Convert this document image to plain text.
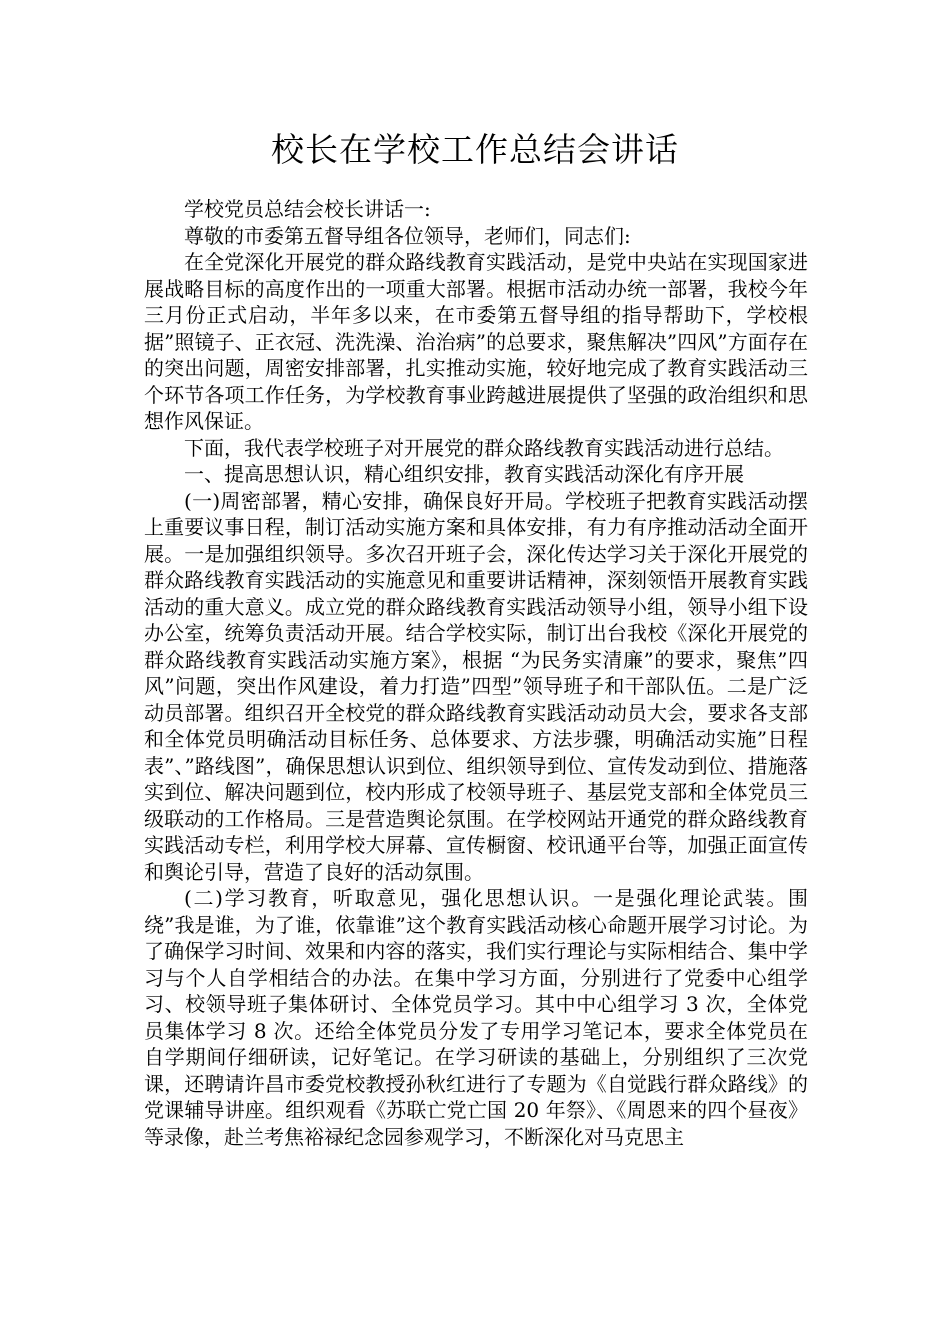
校长在学校工作总结会讲话

学校党员总结会校长讲话一:

尊敬的市委第五督导组各位领导，老师们，同志们:

在全党深化开展党的群众路线教育实践活动，是党中央站在实现国家进展战略目标的高度作出的一项重大部署。根据市活动办统一部署，我校今年三月份正式启动，半年多以来，在市委第五督导组的指导帮助下，学校根据”照镜子、正衣冠、洗洗澡、治治病”的总要求，聚焦解决”四风”方面存在的突出问题，周密安排部署，扎实推动实施，较好地完成了教育实践活动三个环节各项工作任务，为学校教育事业跨越进展提供了坚强的政治组织和思想作风保证。

下面，我代表学校班子对开展党的群众路线教育实践活动进行总结。

一、提高思想认识，精心组织安排，教育实践活动深化有序开展

(一)周密部署，精心安排，确保良好开局。学校班子把教育实践活动摆上重要议事日程，制订活动实施方案和具体安排，有力有序推动活动全面开展。一是加强组织领导。多次召开班子会，深化传达学习关于深化开展党的群众路线教育实践活动的实施意见和重要讲话精神，深刻领悟开展教育实践活动的重大意义。成立党的群众路线教育实践活动领导小组，领导小组下设办公室，统筹负责活动开展。结合学校实际，制订出台我校《深化开展党的群众路线教育实践活动实施方案》，根据 “为民务实清廉”的要求，聚焦”四风”问题，突出作风建设，着力打造”四型”领导班子和干部队伍。二是广泛动员部署。组织召开全校党的群众路线教育实践活动动员大会，要求各支部和全体党员明确活动目标任务、总体要求、方法步骤，明确活动实施”日程表”、”路线图”，确保思想认识到位、组织领导到位、宣传发动到位、措施落实到位、解决问题到位，校内形成了校领导班子、基层党支部和全体党员三级联动的工作格局。三是营造舆论氛围。在学校网站开通党的群众路线教育实践活动专栏，利用学校大屏幕、宣传橱窗、校讯通平台等，加强正面宣传和舆论引导，营造了良好的活动氛围。

(二)学习教育，听取意见，强化思想认识。一是强化理论武装。围绕”我是谁，为了谁，依靠谁”这个教育实践活动核心命题开展学习讨论。为了确保学习时间、效果和内容的落实，我们实行理论与实际相结合、集中学习与个人自学相结合的办法。在集中学习方面，分别进行了党委中心组学习、校领导班子集体研讨、全体党员学习。其中中心组学习 3 次，全体党员集体学习 8 次。还给全体党员分发了专用学习笔记本，要求全体党员在自学期间仔细研读，记好笔记。在学习研读的基础上，分别组织了三次党课，还聘请许昌市委党校教授孙秋红进行了专题为《自觉践行群众路线》的党课辅导讲座。组织观看《苏联亡党亡国 20 年祭》、《周恩来的四个昼夜》等录像，赴兰考焦裕禄纪念园参观学习，不断深化对马克思主
